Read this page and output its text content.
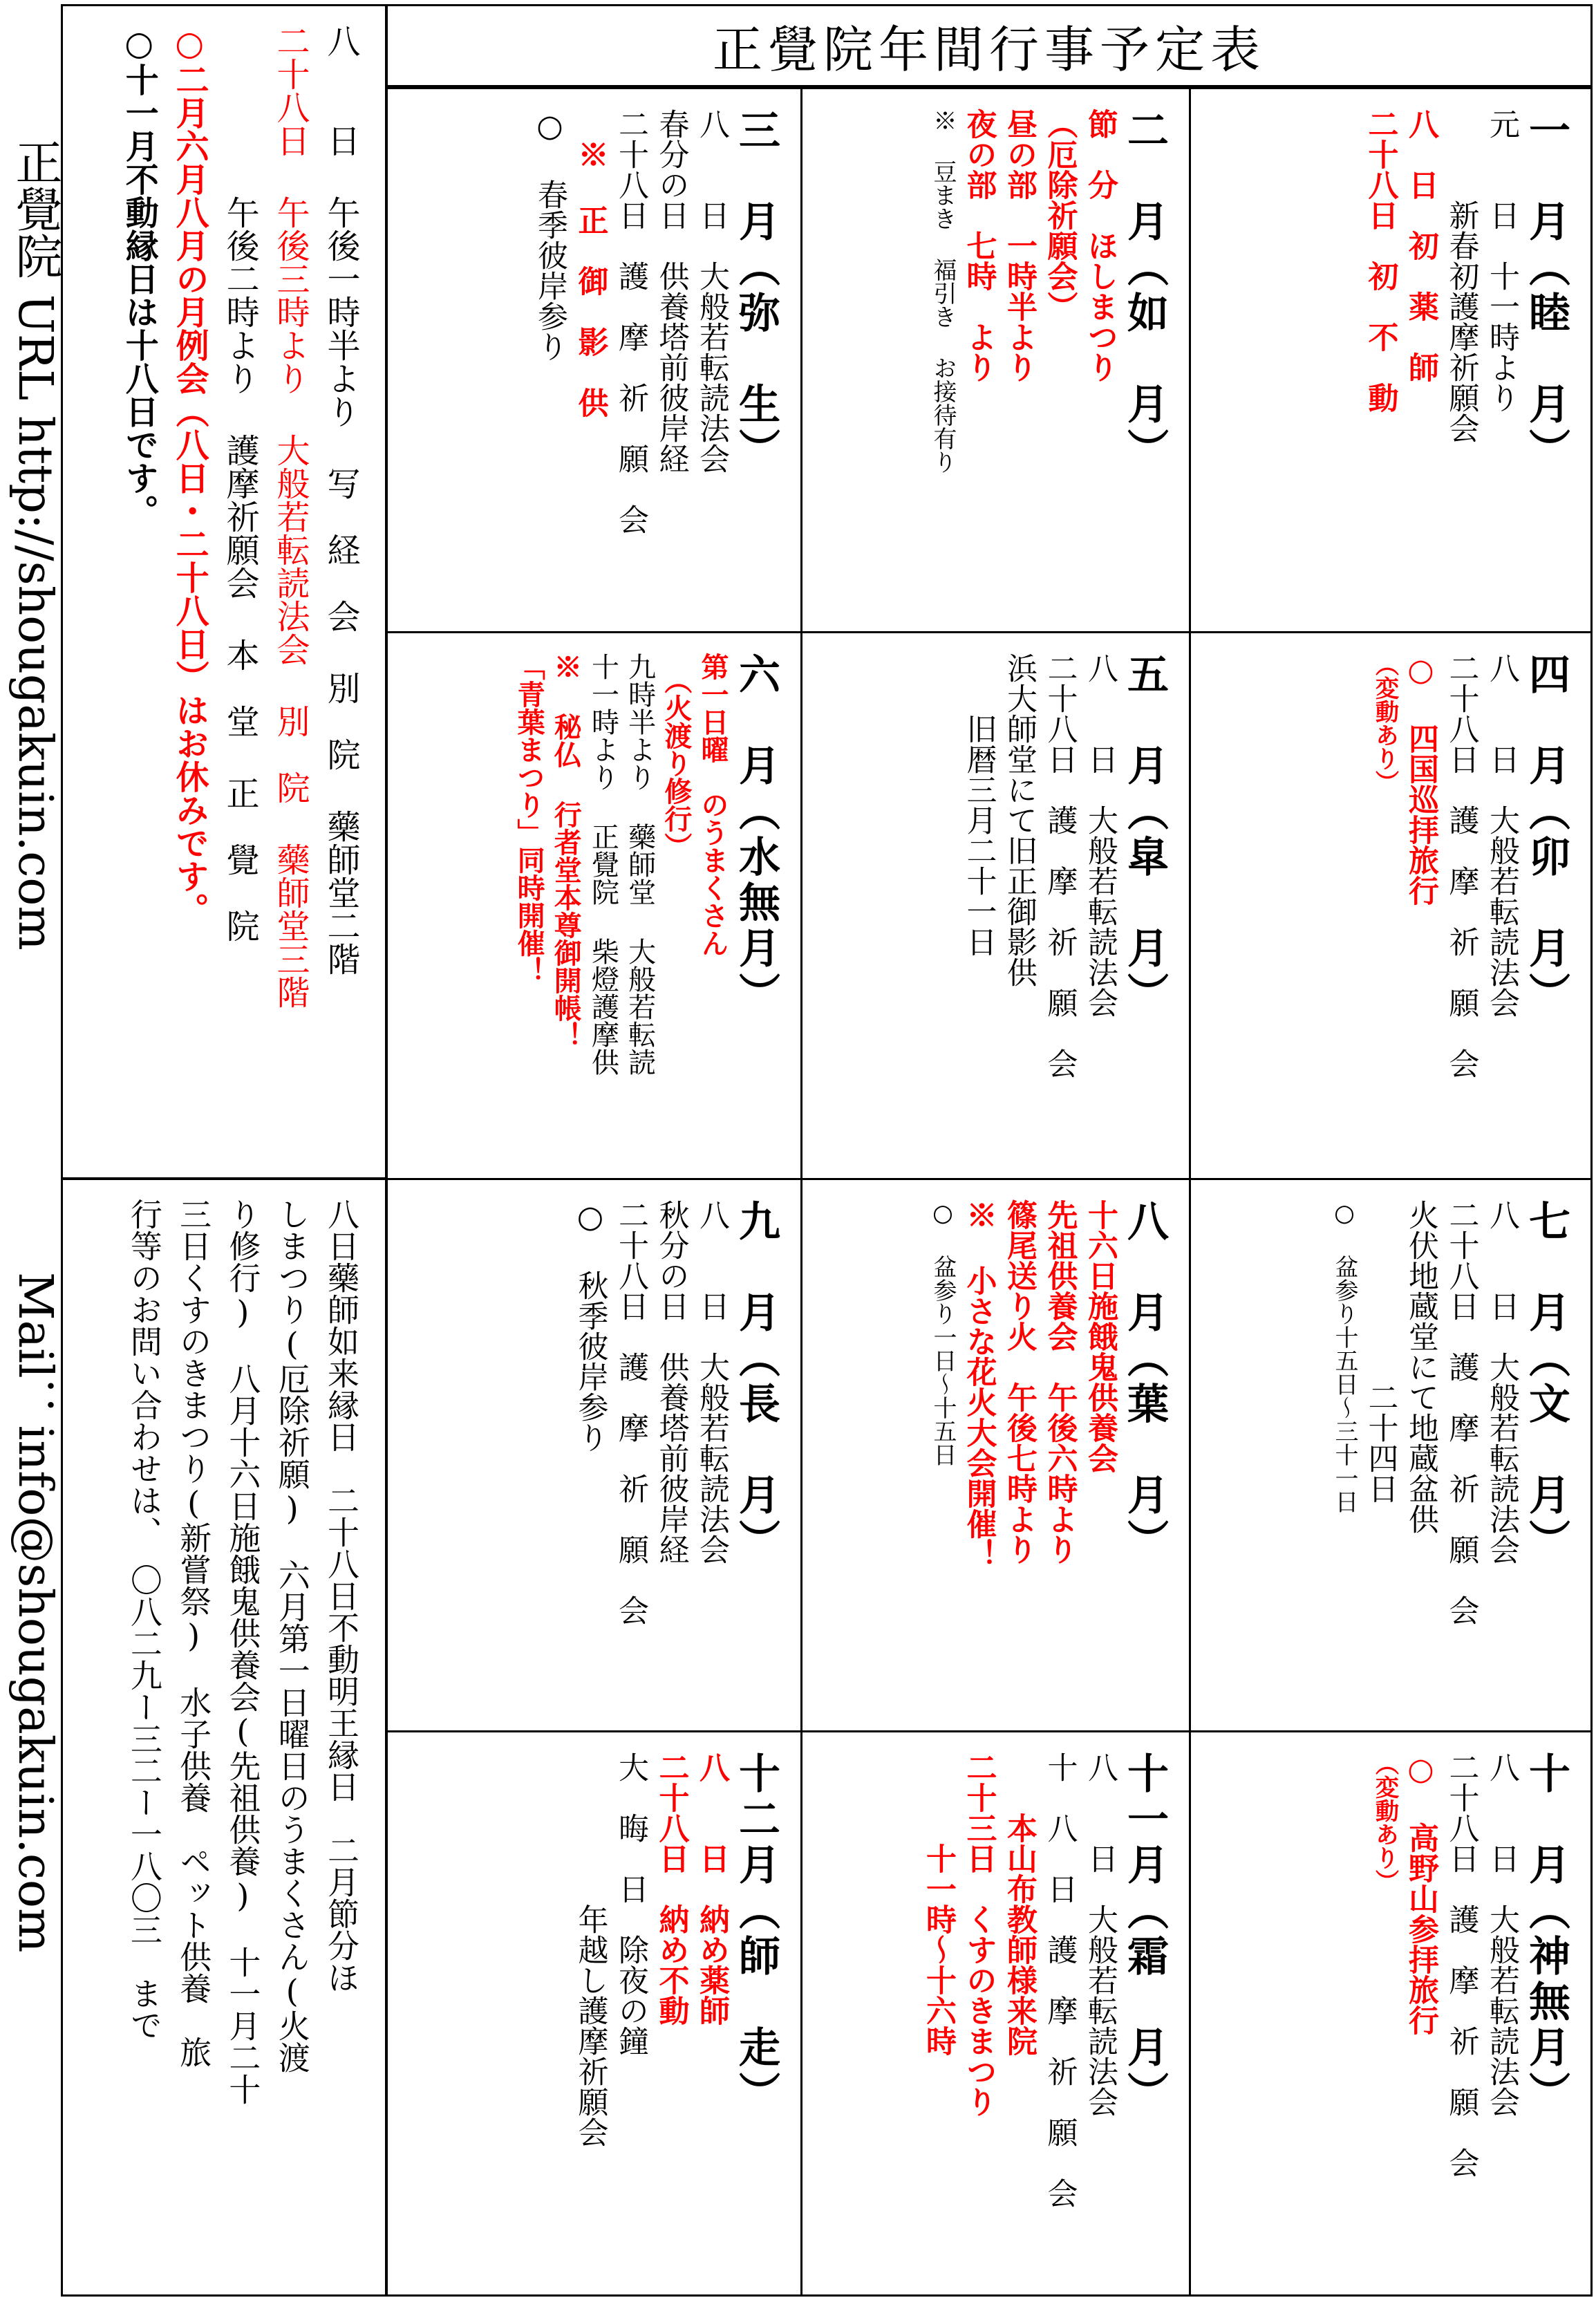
正覺院 URL http://shougakuin.com
Mail：info@shougakuin.com
八　　日 午後一時半より 写　経　会 別　院 藥師堂二階
二十八日 午後三時より 大般若転読法会 別　院 藥師堂三階
　　　　 午後二時より 護摩祈願会 本　堂 正　覺　院
○二月六月八月の月例会（八日・二十八日）はお休みです。
○十一月不動縁日は十八日です。
八日藥師如来縁日　二十八日不動明王縁日　二月節分ほ
しまつり(厄除祈願)　六月第一日曜日のうまくさん(火渡
り修行)　八月十六日施餓鬼供養会(先祖供養)　十一月二十
三日くすのきまつり(新嘗祭)　水子供養　ペット供養　旅
行等のお問い合わせは、　〇八二九ー三二ー一八〇三　まで
正覺院年間行事予定表
一　月（睦　月）
元　　日　十一時より
　　　新春初護摩祈願会
八　日　初　薬　師
二十八日　初　不　動
二　月（如　月）
節　分　ほしまつり
（厄除祈願会）
昼の部　一時半より
夜の部　七時　より
※ 豆まき 福引き お接待有り
三　月（弥　生）
八　　日　大般若転読法会
春分の日　供養塔前彼岸経
二十八日　護　摩　祈　願　会
　※ 正　御　影　供
○ 春季彼岸参り
四　月（卯　月）
八　　日　大般若転読法会
二十八日　護　摩　祈　願　会
○ 四国巡拝旅行
（変動あり）
五　月（皐　月）
八　　日　大般若転読法会
二十八日　護　摩　祈　願　会
浜大師堂にて旧正御影供
　　旧暦三月二十一日
六　月（水無月）
第一日曜　のうまくさん
　（火渡り修行）
九時半より 藥師堂 大般若転読
十一時より 正覺院 柴燈護摩供
※ 秘仏 行者堂本尊御開帳！
「青葉まつり」同時開催！
七　月（文　月）
八　　日　大般若転読法会
二十八日　護　摩　祈　願　会
火伏地蔵堂にて地蔵盆供
　　　　　　二十四日
○ 盆参り十五日～三十一日
八　月（葉　月）
十六日施餓鬼供養会
先祖供養会　午後六時より
篠尾送り火　午後七時より
※ 小さな花火大会開催！
○ 盆参り一日～十五日
九　月（長　月）
八　　日　大般若転読法会
秋分の日　供養塔前彼岸経
二十八日　護　摩　祈　願　会
○ 秋季彼岸参り
十　月（神無月）
八　　日　大般若転読法会
二十八日　護　摩　祈　願　会
○ 高野山参拝旅行
（変動あり）
十一月（霜　月）
八　　日　大般若転読法会
十　八　日　護　摩　祈　願　会
　　本山布教師様来院
二十三日　くすのきまつり
　　　十一時～十六時
十二月（師　走）
八　　日　納め薬師
二十八日　納め不動
大　晦　日　除夜の鐘
　　　　　年越し護摩祈願会
